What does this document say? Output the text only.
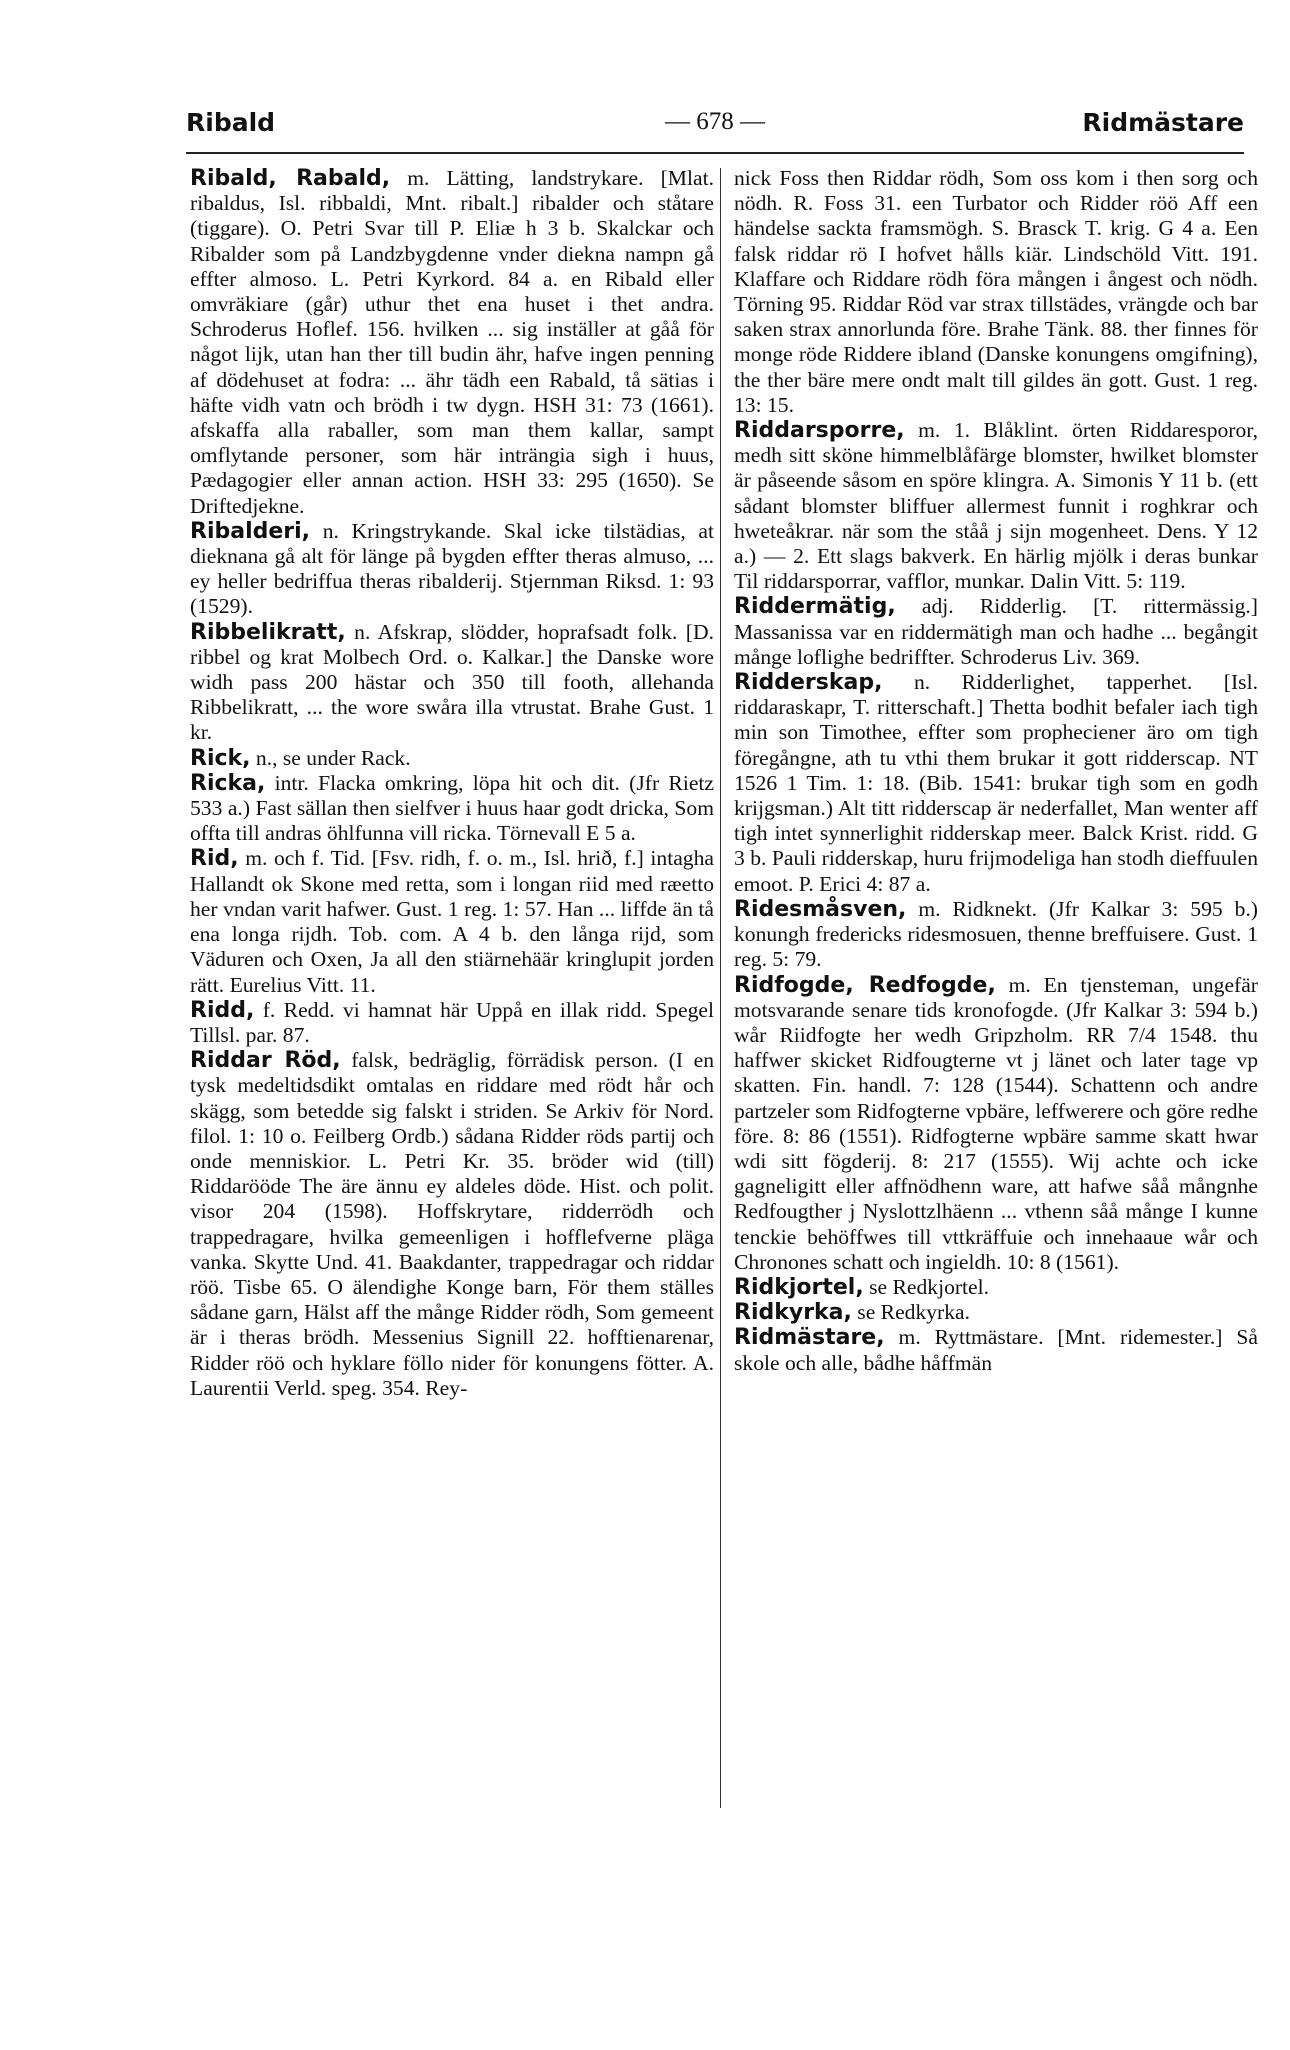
Ribald	— 678 —	Ridmästare

Ribald, Rabald, m. Lätting, landstrykare. [Mlat. ribaldus, Isl. ribbaldi, Mnt. ribalt.] ribalder och ståtare (tiggare). O. Petri Svar till P. Eliæ h 3 b. Skalckar och Ribalder som på Landzbygdenne vnder diekna nampn gå effter almoso. L. Petri Kyrkord. 84 a. en Ribald eller omvräkiare (går) uthur thet ena huset i thet andra. Schroderus Hoflef. 156. hvilken ... sig inställer at gåå för något lijk, utan han ther till budin ähr, hafve ingen penning af dödehuset at fodra: ... ähr tädh een Rabald, tå sätias i häfte vidh vatn och brödh i tw dygn. HSH 31: 73 (1661). afskaffa alla raballer, som man them kallar, sampt omflytande personer, som här inträngia sigh i huus, Pædagogier eller annan action. HSH 33: 295 (1650). Se Driftedjekne.

Ribalderi, n. Kringstrykande. Skal icke tilstädias, at dieknana gå alt för länge på bygden effter theras almuso, ... ey heller bedriffua theras ribalderij. Stjernman Riksd. 1: 93 (1529).

Ribbelikratt, n. Afskrap, slödder, hoprafsadt folk. [D. ribbel og krat Molbech Ord. o. Kalkar.] the Danske wore widh pass 200 hästar och 350 till footh, allehanda Ribbelikratt, ... the wore swåra illa vtrustat. Brahe Gust. 1 kr.

Rick, n., se under Rack.

Ricka, intr. Flacka omkring, löpa hit och dit. (Jfr Rietz 533 a.) Fast sällan then sielfver i huus haar godt dricka, Som offta till andras öhlfunna vill ricka. Törnevall E 5 a.

Rid, m. och f. Tid. [Fsv. ridh, f. o. m., Isl. hrið, f.] intagha Hallandt ok Skone med retta, som i longan riid med ræetto her vndan varit hafwer. Gust. 1 reg. 1: 57. Han ... liffde än tå ena longa rijdh. Tob. com. A 4 b. den långa rijd, som Väduren och Oxen, Ja all den stiärnehäär kringlupit jorden rätt. Eurelius Vitt. 11.

Ridd, f. Redd. vi hamnat här Uppå en illak ridd. Spegel Tillsl. par. 87.

Riddar Röd, falsk, bedräglig, förrädisk person. (I en tysk medeltidsdikt omtalas en riddare med rödt hår och skägg, som betedde sig falskt i striden. Se Arkiv för Nord. filol. 1: 10 o. Feilberg Ordb.) sådana Ridder röds partij och onde menniskior. L. Petri Kr. 35. bröder wid (till) Riddaröödе The äre ännu ey aldeles döde. Hist. och polit. visor 204 (1598). Hoffskrytare, ridderrödh och trappedragare, hvilka gemeenligen i hofflefverne pläga vanka. Skytte Und. 41. Baakdanter, trappedragar och riddar röö. Tisbe 65. O älendighe Konge barn, För them ställes sådane garn, Hälst aff the månge Ridder rödh, Som gemeent är i theras brödh. Messenius Signill 22. hofftienarenar, Ridder röö och hyklare föllo nider för konungens fötter. A. Laurentii Verld. speg. 354. Rey-

nick Foss then Riddar rödh, Som oss kom i then sorg och nödh. R. Foss 31. een Turbator och Ridder röö Aff een händelse sackta framsmögh. S. Brasck T. krig. G 4 a. Een falsk riddar rö I hofvet hålls kiär. Lindschöld Vitt. 191. Klaffare och Riddare rödh föra mången i ångest och nödh. Törning 95. Riddar Röd var strax tillstädes, vrängde och bar saken strax annorlunda före. Brahe Tänk. 88. ther finnes för monge röde Riddere ibland (Danske konungens omgifning), the ther bäre mere ondt malt till gildes än gott. Gust. 1 reg. 13: 15.

Riddarsporre, m. 1. Blåklint. örten Riddaresporor, medh sitt sköne himmelblåfärge blomster, hwilket blomster är påseende såsom en spöre klingra. A. Simonis Y 11 b. (ett sådant blomster bliffuer allermest funnit i roghkrar och hweteåkrar. när som the ståå j sijn mogenheet. Dens. Y 12 a.) — 2. Ett slags bakverk. En härlig mjölk i deras bunkar Til riddarsporrar, vafflor, munkar. Dalin Vitt. 5: 119.

Riddermätig, adj. Ridderlig. [T. rittermässig.] Massanissa var en riddermätigh man och hadhe ... begångit månge loflighe bedriffter. Schroderus Liv. 369.

Ridderskap, n. Ridderlighet, tapperhet. [Isl. riddaraskapr, T. ritterschaft.] Thetta bodhit befaler iach tigh min son Timothee, effter som propheciener äro om tigh föregångne, ath tu vthi them brukar it gott ridderscap. NT 1526 1 Tim. 1: 18. (Bib. 1541: brukar tigh som en godh krijgsman.) Alt titt ridderscap är nederfallet, Man wenter aff tigh intet synnerlighit ridderskap meer. Balck Krist. ridd. G 3 b. Pauli ridderskap, huru frijmodeliga han stodh dieffuulen emoot. P. Erici 4: 87 a.

Ridesmåsven, m. Ridknekt. (Jfr Kalkar 3: 595 b.) konungh fredericks ridesmosuen, thenne breffuisere. Gust. 1 reg. 5: 79.

Ridfogde, Redfogde, m. En tjensteman, ungefär motsvarande senare tids kronofogde. (Jfr Kalkar 3: 594 b.) wår Riidfogte her wedh Gripzholm. RR 7/4 1548. thu haffwer skicket Ridfougterne vt j länet och later tage vp skatten. Fin. handl. 7: 128 (1544). Schattenn och andre partzeler som Ridfogterne vpbäre, leffwerere och göre redhe före. 8: 86 (1551). Ridfogterne wpbäre samme skatt hwar wdi sitt fögderij. 8: 217 (1555). Wij achte och icke gagneligitt eller affnödhenn ware, att hafwe såå mångnhe Redfougther j Nyslottzlhäenn ... vthenn såå månge I kunne tenckie behöffwes till vttkräffuie och innehaaue wår och Chronones schatt och ingieldh. 10: 8 (1561).

Ridkjortel, se Redkjortel.

Ridkyrka, se Redkyrka.

Ridmästare, m. Ryttmästare. [Mnt. ridemester.] Så skole och alle, bådhe håffmän
